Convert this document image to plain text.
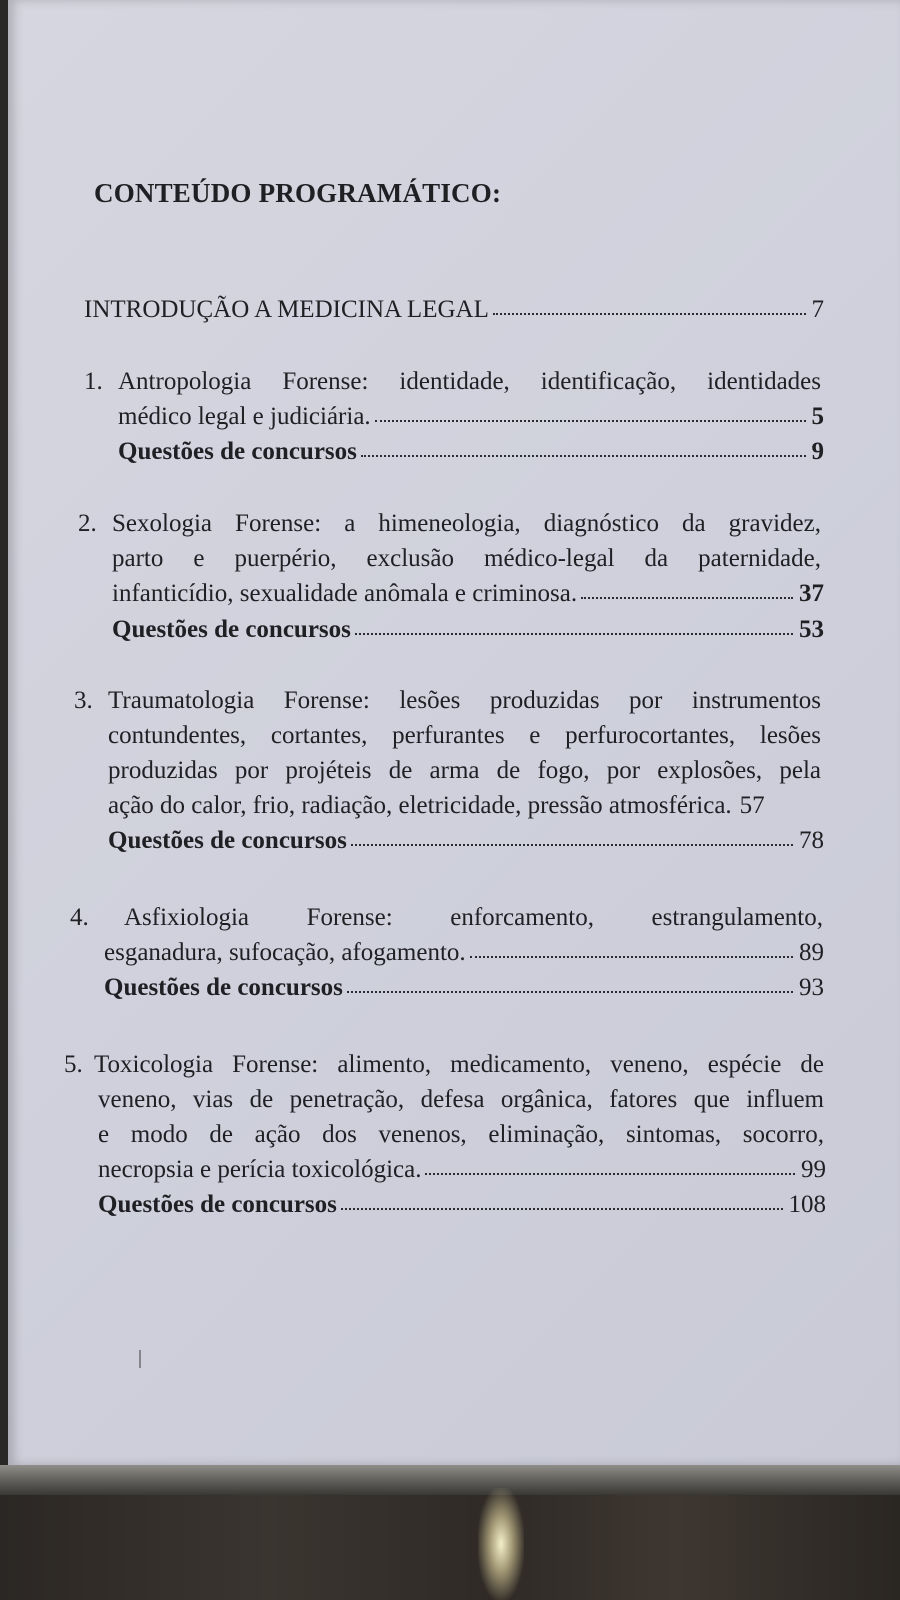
CONTEÚDO PROGRAMÁTICO:
INTRODUÇÃO A MEDICINA LEGAL	7
1. Antropologia Forense: identidade, identificação, identidades
médico legal e judiciária.	5
Questões de concursos	9
2. Sexologia Forense: a himeneologia, diagnóstico da gravidez,
parto e puerpério, exclusão médico-legal da paternidade,
infanticídio, sexualidade anômala e criminosa.	37
Questões de concursos	53
3. Traumatologia Forense: lesões produzidas por instrumentos
contundentes, cortantes, perfurantes e perfurocortantes, lesões
produzidas por projéteis de arma de fogo, por explosões, pela
ação do calor, frio, radiação, eletricidade, pressão atmosférica. 57
Questões de concursos	78
4. Asfixiologia Forense: enforcamento, estrangulamento,
esganadura, sufocação, afogamento.	89
Questões de concursos	93
5. Toxicologia Forense: alimento, medicamento, veneno, espécie de
veneno, vias de penetração, defesa orgânica, fatores que influem
e modo de ação dos venenos, eliminação, sintomas, socorro,
necropsia e perícia toxicológica.	99
Questões de concursos	108
